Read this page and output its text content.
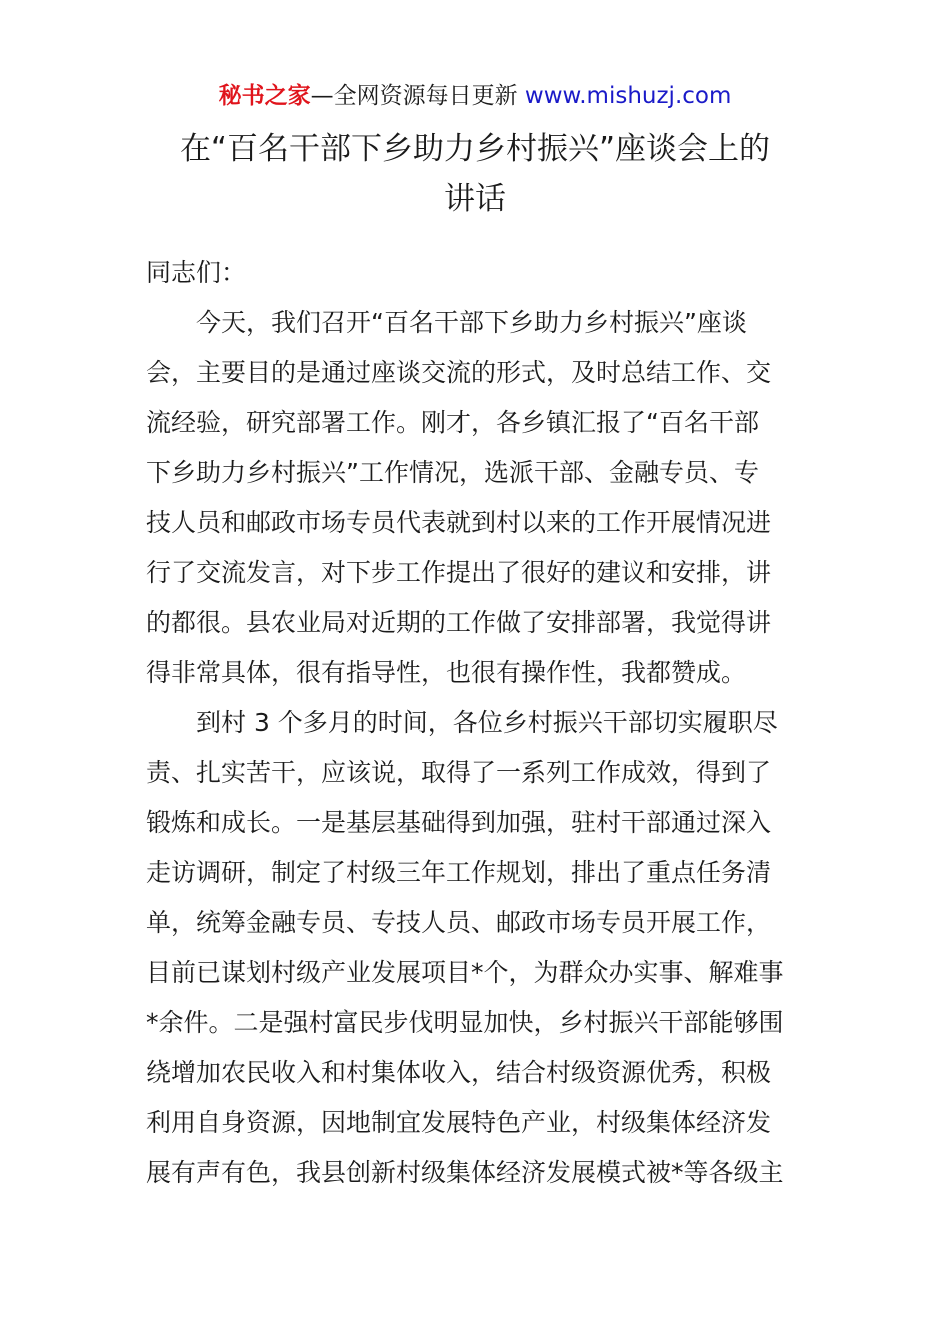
秘书之家—全网资源每日更新 www.mishuzj.com
在“百名干部下乡助力乡村振兴”座谈会上的
讲话
同志们：
　　今天，我们召开“百名干部下乡助力乡村振兴”座谈
会，主要目的是通过座谈交流的形式，及时总结工作、交
流经验，研究部署工作。刚才，各乡镇汇报了“百名干部
下乡助力乡村振兴”工作情况，选派干部、金融专员、专
技人员和邮政市场专员代表就到村以来的工作开展情况进
行了交流发言，对下步工作提出了很好的建议和安排，讲
的都很。县农业局对近期的工作做了安排部署，我觉得讲
得非常具体，很有指导性，也很有操作性，我都赞成。
　　到村 3 个多月的时间，各位乡村振兴干部切实履职尽
责、扎实苦干，应该说，取得了一系列工作成效，得到了
锻炼和成长。一是基层基础得到加强，驻村干部通过深入
走访调研，制定了村级三年工作规划，排出了重点任务清
单，统筹金融专员、专技人员、邮政市场专员开展工作，
目前已谋划村级产业发展项目*个，为群众办实事、解难事
*余件。二是强村富民步伐明显加快，乡村振兴干部能够围
绕增加农民收入和村集体收入，结合村级资源优秀，积极
利用自身资源，因地制宜发展特色产业，村级集体经济发
展有声有色，我县创新村级集体经济发展模式被*等各级主
